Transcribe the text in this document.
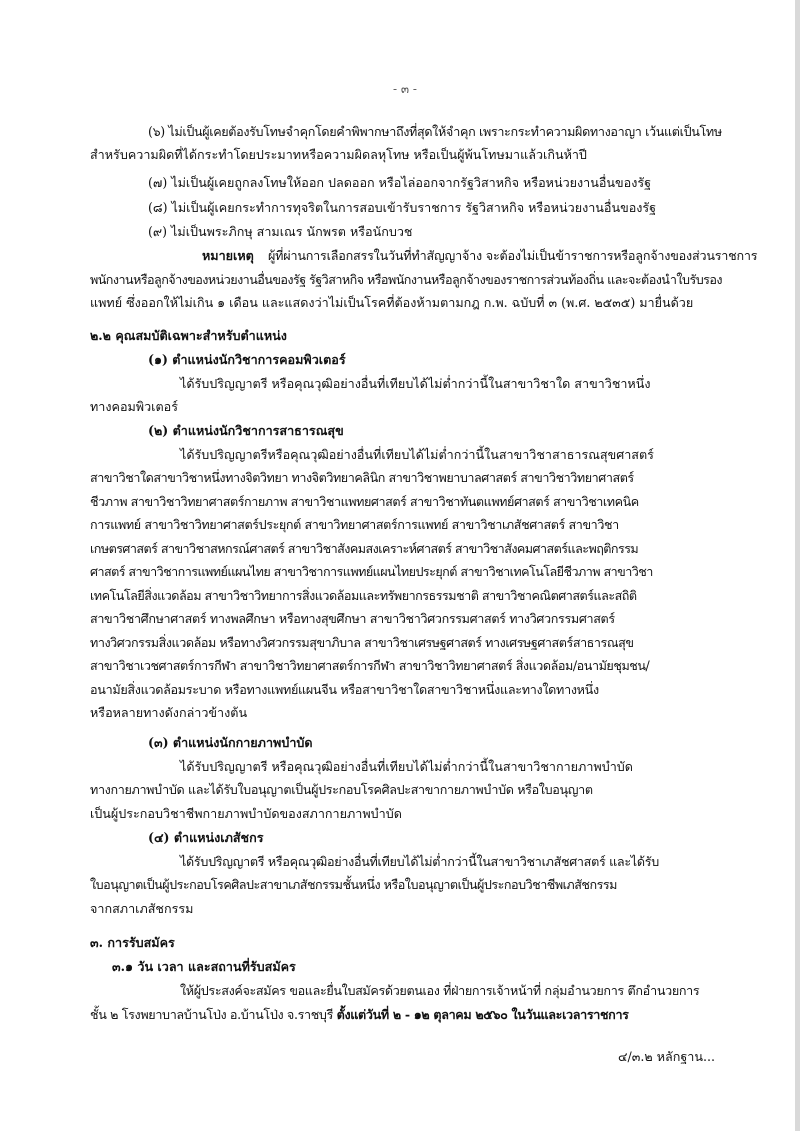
- ๓ -
(๖) ไม่เป็นผู้เคยต้องรับโทษจำคุกโดยคำพิพากษาถึงที่สุดให้จำคุก เพราะกระทำความผิดทางอาญา เว้นแต่เป็นโทษ
สำหรับความผิดที่ได้กระทำโดยประมาทหรือความผิดลหุโทษ หรือเป็นผู้พ้นโทษมาแล้วเกินห้าปี
(๗) ไม่เป็นผู้เคยถูกลงโทษให้ออก ปลดออก หรือไล่ออกจากรัฐวิสาหกิจ หรือหน่วยงานอื่นของรัฐ
(๘) ไม่เป็นผู้เคยกระทำการทุจริตในการสอบเข้ารับราชการ รัฐวิสาหกิจ หรือหน่วยงานอื่นของรัฐ
(๙) ไม่เป็นพระภิกษุ สามเณร นักพรต หรือนักบวช
หมายเหตุ ผู้ที่ผ่านการเลือกสรรในวันที่ทำสัญญาจ้าง จะต้องไม่เป็นข้าราชการหรือลูกจ้างของส่วนราชการ
พนักงานหรือลูกจ้างของหน่วยงานอื่นของรัฐ รัฐวิสาหกิจ หรือพนักงานหรือลูกจ้างของราชการส่วนท้องถิ่น และจะต้องนำใบรับรอง
แพทย์ ซึ่งออกให้ไม่เกิน ๑ เดือน และแสดงว่าไม่เป็นโรคที่ต้องห้ามตามกฎ ก.พ. ฉบับที่ ๓ (พ.ศ. ๒๕๓๕) มายื่นด้วย
๒.๒ คุณสมบัติเฉพาะสำหรับตำแหน่ง
(๑) ตำแหน่งนักวิชาการคอมพิวเตอร์
ได้รับปริญญาตรี หรือคุณวุฒิอย่างอื่นที่เทียบได้ไม่ต่ำกว่านี้ในสาขาวิชาใด สาขาวิชาหนึ่ง
ทางคอมพิวเตอร์
(๒) ตำแหน่งนักวิชาการสาธารณสุข
ได้รับปริญญาตรีหรือคุณวุฒิอย่างอื่นที่เทียบได้ไม่ต่ำกว่านี้ในสาขาวิชาสาธารณสุขศาสตร์
สาขาวิชาใดสาขาวิชาหนึ่งทางจิตวิทยา ทางจิตวิทยาคลินิก สาขาวิชาพยาบาลศาสตร์ สาขาวิชาวิทยาศาสตร์
ชีวภาพ สาขาวิชาวิทยาศาสตร์กายภาพ สาขาวิชาแพทยศาสตร์ สาขาวิชาทันตแพทย์ศาสตร์ สาขาวิชาเทคนิค
การแพทย์ สาขาวิชาวิทยาศาสตร์ประยุกต์ สาขาวิทยาศาสตร์การแพทย์ สาขาวิชาเภสัชศาสตร์ สาขาวิชา
เกษตรศาสตร์ สาขาวิชาสหกรณ์ศาสตร์ สาขาวิชาสังคมสงเคราะห์ศาสตร์ สาขาวิชาสังคมศาสตร์และพฤติกรรม
ศาสตร์ สาขาวิชาการแพทย์แผนไทย สาขาวิชาการแพทย์แผนไทยประยุกต์ สาขาวิชาเทคโนโลยีชีวภาพ สาขาวิชา
เทคโนโลยีสิ่งแวดล้อม สาขาวิชาวิทยาการสิ่งแวดล้อมและทรัพยากรธรรมชาติ สาขาวิชาคณิตศาสตร์และสถิติ
สาขาวิชาศึกษาศาสตร์ ทางพลศึกษา หรือทางสุขศึกษา สาขาวิชาวิศวกรรมศาสตร์ ทางวิศวกรรมศาสตร์
ทางวิศวกรรมสิ่งแวดล้อม หรือทางวิศวกรรมสุขาภิบาล สาขาวิชาเศรษฐศาสตร์ ทางเศรษฐศาสตร์สาธารณสุข
สาขาวิชาเวชศาสตร์การกีฬา สาขาวิชาวิทยาศาสตร์การกีฬา สาขาวิชาวิทยาศาสตร์ สิ่งแวดล้อม/อนามัยชุมชน/
อนามัยสิ่งแวดล้อมระบาด หรือทางแพทย์แผนจีน หรือสาขาวิชาใดสาขาวิชาหนึ่งและทางใดทางหนึ่ง
หรือหลายทางดังกล่าวข้างต้น
(๓) ตำแหน่งนักกายภาพบำบัด
ได้รับปริญญาตรี หรือคุณวุฒิอย่างอื่นที่เทียบได้ไม่ต่ำกว่านี้ในสาขาวิชากายภาพบำบัด
ทางกายภาพบำบัด และได้รับใบอนุญาตเป็นผู้ประกอบโรคศิลปะสาขากายภาพบำบัด หรือใบอนุญาต
เป็นผู้ประกอบวิชาชีพกายภาพบำบัดของสภากายภาพบำบัด
(๔) ตำแหน่งเภสัชกร
ได้รับปริญญาตรี หรือคุณวุฒิอย่างอื่นที่เทียบได้ไม่ต่ำกว่านี้ในสาขาวิชาเภสัชศาสตร์ และได้รับ
ใบอนุญาตเป็นผู้ประกอบโรคศิลปะสาขาเภสัชกรรมชั้นหนึ่ง หรือใบอนุญาตเป็นผู้ประกอบวิชาชีพเภสัชกรรม
จากสภาเภสัชกรรม
๓. การรับสมัคร
๓.๑ วัน เวลา และสถานที่รับสมัคร
ให้ผู้ประสงค์จะสมัคร ขอและยื่นใบสมัครด้วยตนเอง ที่ฝ่ายการเจ้าหน้าที่ กลุ่มอำนวยการ ตึกอำนวยการ
ชั้น ๒ โรงพยาบาลบ้านโป่ง อ.บ้านโป่ง จ.ราชบุรี ตั้งแต่วันที่ ๒ - ๑๒ ตุลาคม ๒๕๖๐ ในวันและเวลาราชการ
๔/๓.๒ หลักฐาน...
